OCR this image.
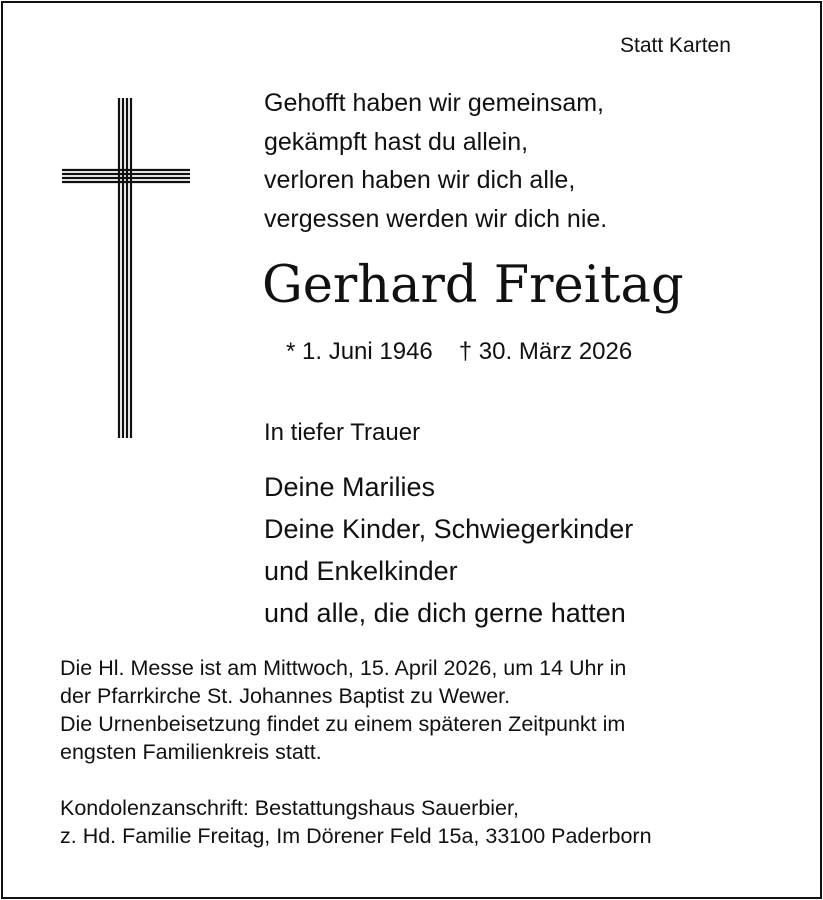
Statt Karten
Gehofft haben wir gemeinsam,
gekämpft hast du allein,
verloren haben wir dich alle,
vergessen werden wir dich nie.
Gerhard Freitag
* 1. Juni 1946 † 30. März 2026
In tiefer Trauer
Deine Marilies
Deine Kinder, Schwiegerkinder
und Enkelkinder
und alle, die dich gerne hatten
Die Hl. Messe ist am Mittwoch, 15. April 2026, um 14 Uhr in
der Pfarrkirche St. Johannes Baptist zu Wewer.
Die Urnenbeisetzung findet zu einem späteren Zeitpunkt im
engsten Familienkreis statt.
Kondolenzanschrift: Bestattungshaus Sauerbier,
z. Hd. Familie Freitag, Im Dörener Feld 15a, 33100 Paderborn
